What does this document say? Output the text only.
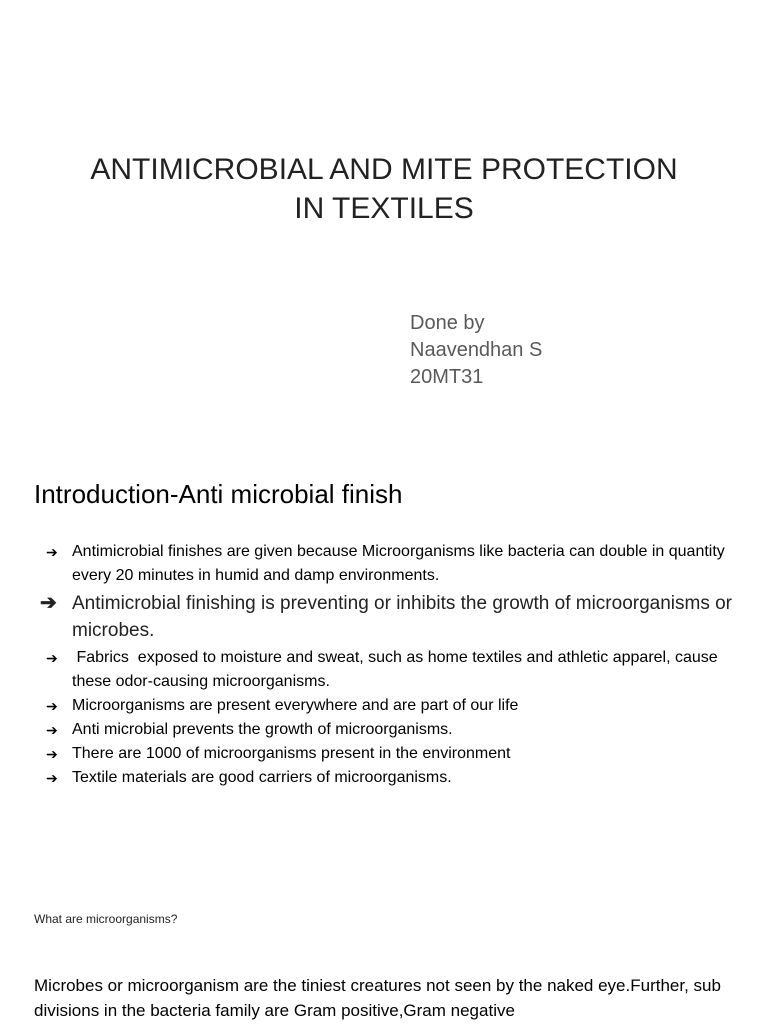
ANTIMICROBIAL AND MITE PROTECTION
IN TEXTILES
Done by
Naavendhan S
20MT31
Introduction-Anti microbial finish
➔ Antimicrobial finishes are given because Microorganisms like bacteria can double in quantity every 20 minutes in humid and damp environments.
➔ Antimicrobial finishing is preventing or inhibits the growth of microorganisms or microbes.
➔ Fabrics  exposed to moisture and sweat, such as home textiles and athletic apparel, cause these odor-causing microorganisms.
➔ Microorganisms are present everywhere and are part of our life
➔ Anti microbial prevents the growth of microorganisms.
➔ There are 1000 of microorganisms present in the environment
➔ Textile materials are good carriers of microorganisms.
What are microorganisms?

Microbes or microorganism are the tiniest creatures not seen by the naked eye.Further, sub divisions in the bacteria family are Gram positive,Gram negative
